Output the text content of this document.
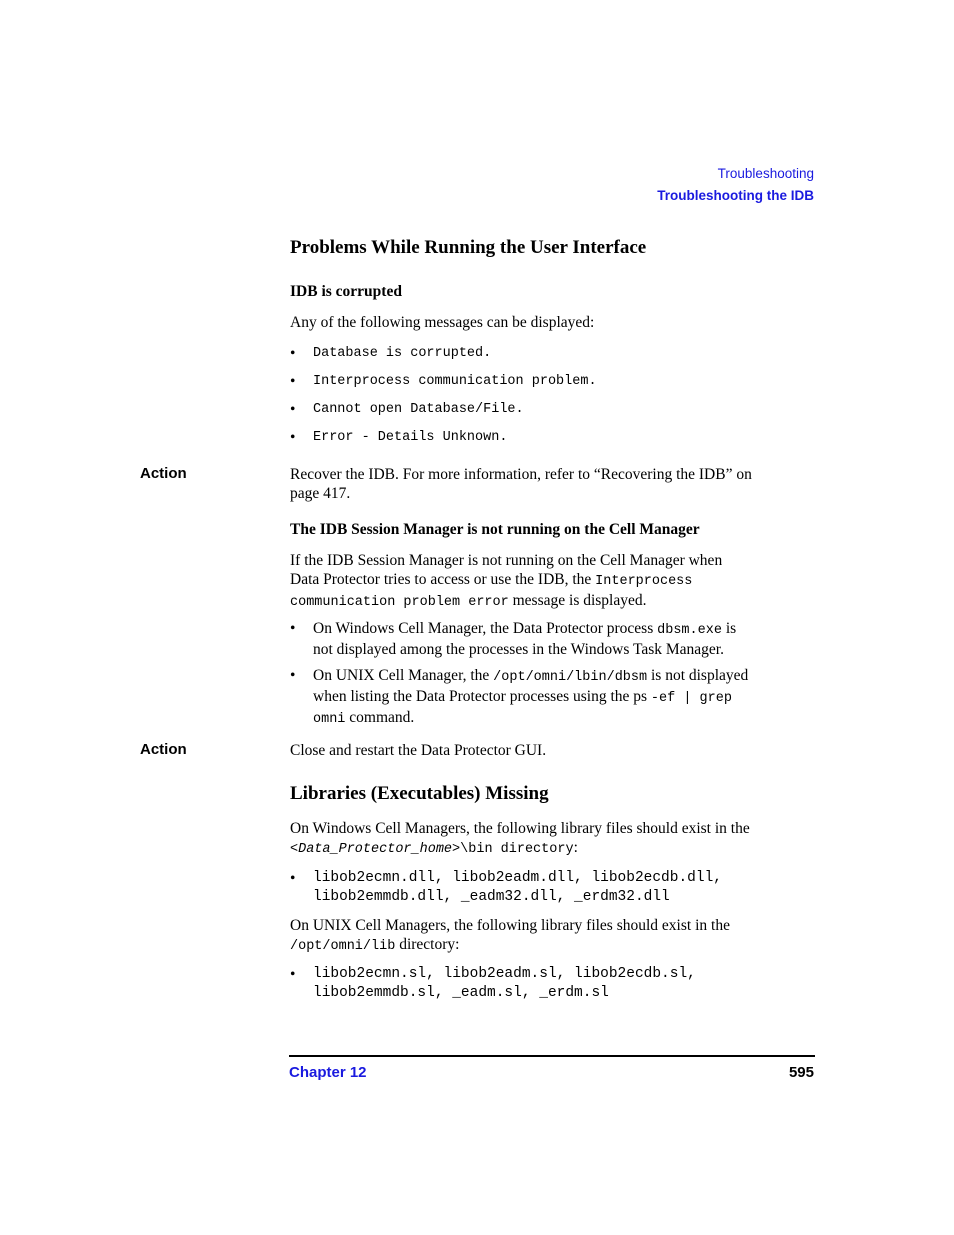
Troubleshooting
Troubleshooting the IDB
Problems While Running the User Interface
IDB is corrupted
Any of the following messages can be displayed:
• Database is corrupted.
• Interprocess communication problem.
• Cannot open Database/File.
• Error - Details Unknown.
Action	Recover the IDB. For more information, refer to “Recovering the IDB” on
page 417.
The IDB Session Manager is not running on the Cell Manager
If the IDB Session Manager is not running on the Cell Manager when
Data Protector tries to access or use the IDB, the Interprocess
communication problem error message is displayed.
• On Windows Cell Manager, the Data Protector process dbsm.exe is
not displayed among the processes in the Windows Task Manager.
• On UNIX Cell Manager, the /opt/omni/lbin/dbsm is not displayed
when listing the Data Protector processes using the ps -ef | grep
omni command.
Action	Close and restart the Data Protector GUI.
Libraries (Executables) Missing
On Windows Cell Managers, the following library files should exist in the
<Data_Protector_home>\bin directory:
• libob2ecmn.dll, libob2eadm.dll, libob2ecdb.dll,
libob2emmdb.dll, _eadm32.dll, _erdm32.dll
On UNIX Cell Managers, the following library files should exist in the
/opt/omni/lib directory:
• libob2ecmn.sl, libob2eadm.sl, libob2ecdb.sl,
libob2emmdb.sl, _eadm.sl, _erdm.sl
Chapter 12	595
